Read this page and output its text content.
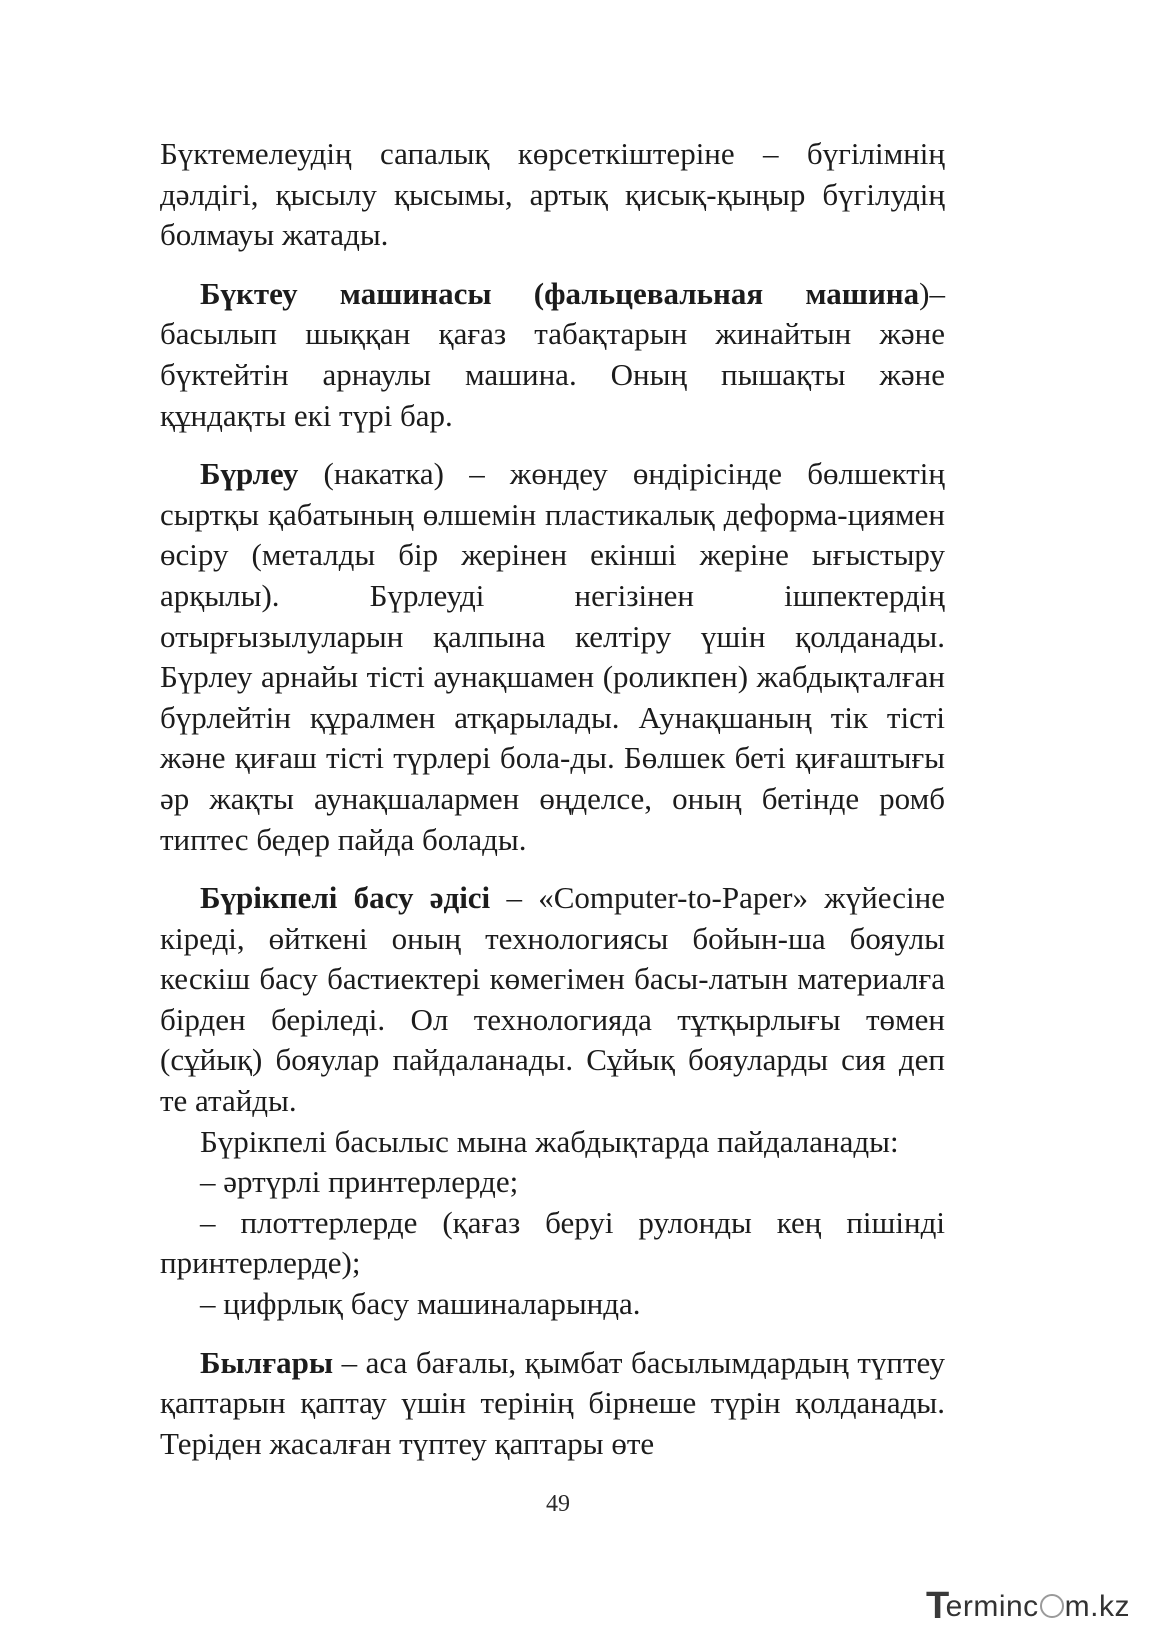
Бүктемелеудің сапалық көрсеткіштеріне – бүгілімнің дәлдігі, қысылу қысымы, артық қисық-қыңыр бүгілудің болмауы жатады.

Бүктеу машинасы (фальцевальная машина)– басылып шыққан қағаз табақтарын жинайтын және бүктейтін арнаулы машина. Оның пышақты және құндақты екі түрі бар.

Бүрлеу (накатка) – жөндеу өндірісінде бөлшектің сыртқы қабатының өлшемін пластикалық деформа-циямен өсіру (металды бір жерінен екінші жеріне ығыстыру арқылы). Бүрлеуді негізінен ішпектердің отырғызылуларын қалпына келтіру үшін қолданады. Бүрлеу арнайы тісті аунақшамен (роликпен) жабдықталған бүрлейтін құралмен атқарылады. Аунақшаның тік тісті және қиғаш тісті түрлері бола-ды. Бөлшек беті қиғаштығы әр жақты аунақшалармен өңделсе, оның бетінде ромб типтес бедер пайда болады.

Бүрікпелі басу әдісі – «Computer-to-Paper» жүйесіне кіреді, өйткені оның технологиясы бойын-ша бояулы кескіш басу бастиектері көмегімен басы-латын материалға бірден беріледі. Ол технологияда тұтқырлығы төмен (сұйық) бояулар пайдаланады. Сұйық бояуларды сия деп те атайды.

Бүрікпелі басылыс мына жабдықтарда пайдаланады:

– әртүрлі принтерлерде;

– плоттерлерде (қағаз беруі рулонды кең пішінді принтерлерде);

– цифрлық басу машиналарында.

Былғары – аса бағалы, қымбат басылымдардың түптеу қаптарын қаптау үшін терінің бірнеше түрін қолданады. Теріден жасалған түптеу қаптары өте

49
Terminc m.kz
